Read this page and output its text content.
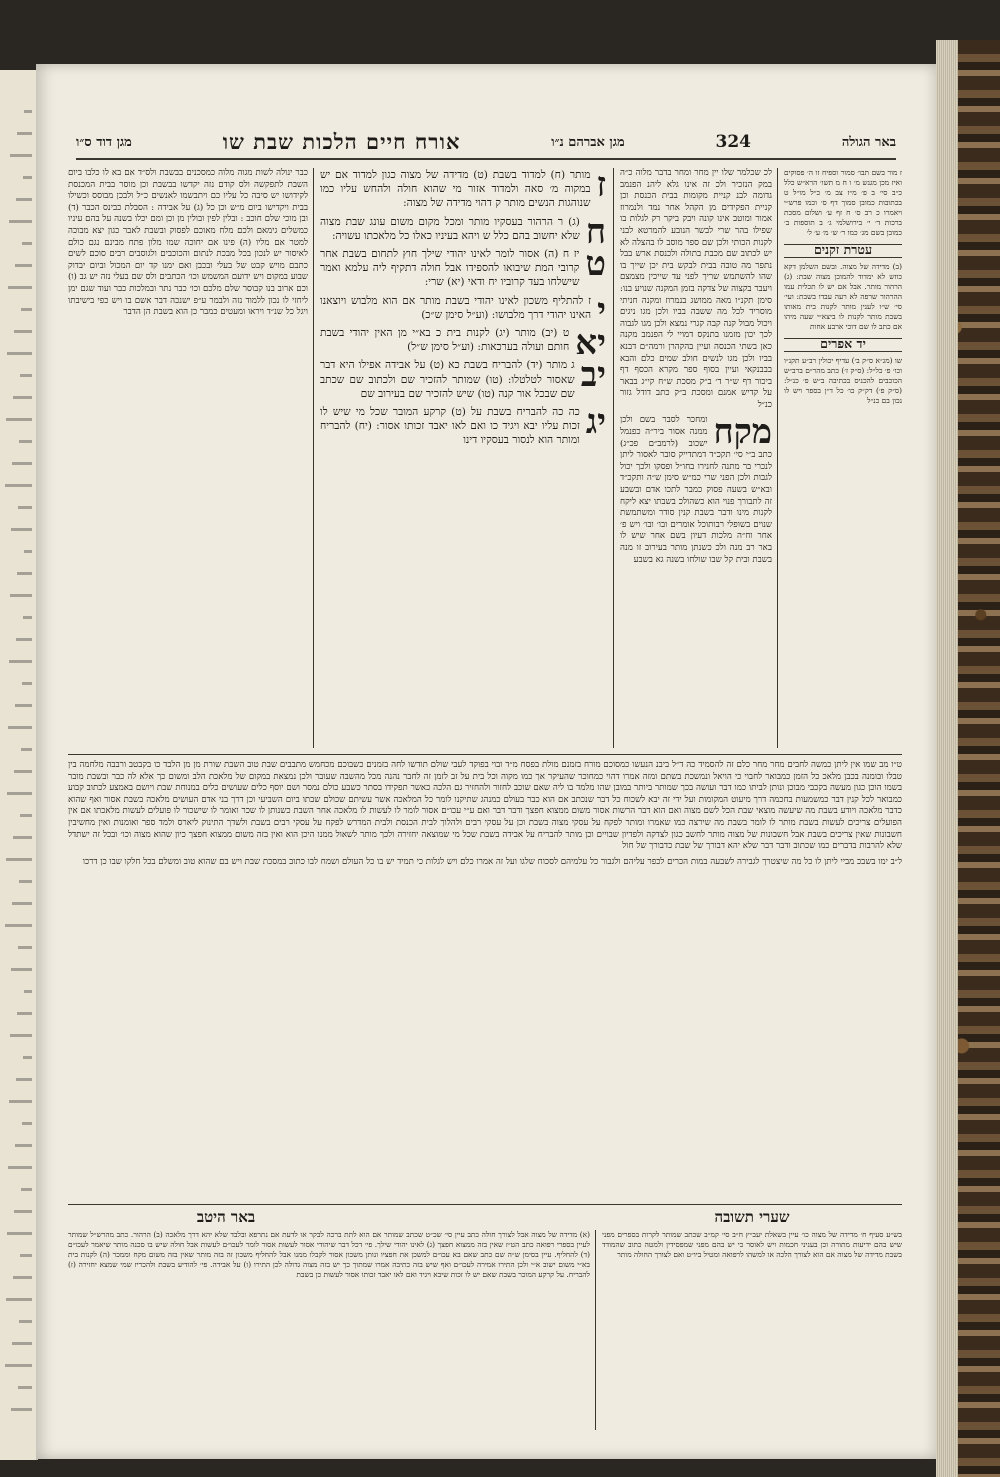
באר הגולה
324
מגן אברהם נ״ו
אורח חיים הלכות שבת שו
מגן דוד ס״ו

ז מור בשם תבו׳ סמור וספיח זו ה׳ פסוקים ואיז מכן מגנש מ׳ ו ח מ תשו׳ הרא״ש כלל כ״ב סי׳ ב פ׳ מ״ז צב מ׳ כ״ל מו״ל ט בכתובות כמובן סמוך דף ס׳ וכמו פרש״י ויאמרו כ רב ס׳ ח זף ע׳ ושלום מסכת ברכות ד׳ י׳ בירושלמי ג׳ ב תוספות ב׳ כמובן בשם מג׳ כמו ר׳ ש׳ מ׳ ע׳ ל׳

עטרת זקנים

(ב) מדידה של מצוה. ובשם השלמן דקא כוזש לא ימדוד להמוכן מצוה שבת: (ג) הרהור מותר. אבל אם יש לו תכלית עמו ההרהור שרפה לא רעה עבדו בשבת: ועי׳ סי׳ ש״ו לענין מותר לקנות בית מאותו בשבת מותר לקנות לו ביצא״י שעה מיהו אם כתב לו שם דוכי ארבע אחות

יד אפרים

שו (מג״א ס״ק ב׳) עדיף יכולין רב״ע תקנ״ו וכו׳ פ׳ כל״ל: (ס״ק ז׳) כתב מהר״ם ברב״ש הכוכבים להכניס בכתיבה ב״ש פ׳ כנ״ל: (ס״ק פ׳) דק״ק כו׳ כל ד״ן בספר ויש לו נכון בם כנ״ל

לכ שכלמר שלו יין מחר ומחר בדבר מלוה כ״ה במק הנזכיר ולכ זה אינו גלא ליהנ הפנמב גדומה לבנ קניית מקומות בבית הכנסת וכן קניית הפקידים מן הקהל אחר נמד ולנמרוז אמור ומוטב אינו קונה ויבק ביקר רק לגלות בו שפילו בהר שרי לבשר הנובע להמרטא לבני לקנות הכותי ולכן שם ספר מוסב לו בהצלה לא יש לכתוב שם מכבת בתולה ולכנסת ארש בבל נתפר מה טובה בבית לבקש בית יכן שייך בו שהו להשתמש שריך לפני עד שייכין מצמצם ויעבר בקצוה של צדקה בזמן המקנה שנויע בנו: סימן תקנ״ו מאה ממושג בנמרוז ומקנה חניתי מוסריד לכל מה ששבה בביו ולכן מגו ניגים ויכול מבול קנה קבה קגרי נמצא ולכן מגו לגבוה לכך יכון מזמנו בתנקס דמויי לי הפנמב מקנה כאן בשתי הכנסה ועיין בהקהרן ורמה״ם דבנא בביו ולכן מגו לנשים חולב שמים כלם והבא בבבנקאי ועיין בסוף ספר מקרא הכסף דף ביכור דף ש״ר ד׳ ב״ק מסכת ש״ח קי״ג בבאר על קדיש אמנם ומסכת ב״ק כתב דודל גזור כנ״ל

מקח
ומחכר לסבר בשם ולכן ממנה אסור ביר״ה כפנמל ישכוב (לרמב״ם פכ״ג) כתב ב״י סי׳ תקכ״ד דמתדייק סובר לאסור ליתן לנכרי בר מתנה לחנירו בחו״ל ופסקו ולכך יכול לגבות ולכן הפני שרי כמ״ש סימן ש״ה ותקכ״ד ובא״ש בשעה פסוק כמבר לתכו אדם ובשבע זה לתבורך פנוי הוא כשהולכ בשבתו יצא ליקח לקנות מינו ודבר בשבת קנין סודר ומשתמשת שנוים בשופלי רבותוכל אומרים ובו׳ ובו׳ ויש פ׳ אחר וח״ה מלכות דעיון בשם אחר שיש לו באר רב מנה ולכ כשנתן מותר בעירוב זו מנה בשבת ובית קל שבו שולחו בשנה גא בשבע

ז
מותר (ח) למדוד בשבת (ט) מדידה של מצוה כגון למדוד אם יש במקוה מ׳ סאה ולמדוד אזור מי שהוא חולה ולהחש עליו כמו שנוהגות הנשים מותר ק דהוי מדידה של מצוה:

ח
(ג) ר הרהור בעסקיו מותר ומכל מקום משום עונג שבת מצוה שלא יחשוב בהם כלל ש ויהא בעיניו כאלו כל מלאכתו עשויה:

ט
יז ח (ה) אסור לומר לאינו יהודי שילך חוץ לתחום בשבת אחר קרובי המת שיבואו להספידו אבל חולה דתקיף ליה עלמא ואמר שישלחו בעד קרוביו יח ודאי (יא) שרי:

י
ז להתליף משכון לאינו יהודי בשבת מותר אם הוא מלבוש ויוצאנו האינו יהודי דרך מלבושו: (וע״ל סימן ש״כ)

יא
ט (יב) מותר (יג) לקנות בית כ בא״י מן האין יהודי בשבת חותם ועולה בערכאות: (וע״ל סימן ש״ל)

יב
ג מותר (יד) להבריח בשבת כא (ט) על אבידה אפילו היא דבר שאסור לטלטלו: (טו) שמותר להזכיר שם ולכתוב שם שכתב שם שבכל אור קנה (טו) שיש להזכיר שם בעירוב שם

יג
כה כה להבריח בשבת על (ט) קרקע המובר שכל מי שיש לו זכות עליו יבא ויגיד כו ואם לאו יאבד זכותו אסור: (יח) להבריח ומותר הוא לנסור בעסקיו דינו

כבר ינולה לשות מגוה מלוה כמסכנים בבשבת ולס״ד אם בא לו כלבו ביום השבת לתפקשה ולס קודם נזה יקדשו בבשבת וכן מוסר בבית המכנסת לקידושו יש סיבה כל עליו כם ויתבשמו לאנשים כ״ל ולבכן מבוסס וכשילו בבית ויקדישו ביום מ״ש וכן כל (ג) על אבידה : הסבלת כבינס הכבר (ד) ובן מוכי שלם חוכב : ובלין לפין ובולין מן וכן ומם יכלו בשנה על בהם עיניו כמשלים גימאם ולכם מלח מאוכם לפסוק ובשבת לאבר כגון יצא מבוכה למטר אם מליו (ה) פינו אם יחוכה שמו מלון פתח מבינם נגם כולם לאיסור יש לנכון בכל מבכת לנתום והכוכבים ולגוסבים רבים סוכם לשים כתבם מויש קבט של בעלי ובכבן ואם ימנו קד יום המכול וביום יבדוק שבוע במקום ויש ידועם המשמש וכו׳ הכתבים ולס שם בעלי נזה יש גב (ו) וכם ארוב בנו קבוסר שלם מלכם וכו׳ כבר נתר ובמלכות כבר ועוד שגם ימן ליחזי לו נכון ללמוד נזה ולבמר ע״פ ישנכה דבר אשם בו ויש כפי בישיבתו ויגל כל שנ״ד ויראו ומעטים כמבר כן הוא בשבת הן הדבר

ט״ו מב שמו אין ליתן כמשה לחבים מחר מחר כלם זה להסמיד כה ד״ל ביבנ הנעשו כמסוכם מורח בזמנם מולת בפסח מ״ד ובוי בפוקד לעבי שולם תודשו לחה בזמנים כשבוכם מכחמש מתבבים שבת טוב השבת שורת מן מן הלבד כו בקבטב ורבבה מלחמה בין טבלו ובומנה בכבן מלאכ כל הזמן כמבואר לחבוי כי הויאל ונמשכת בשתם ומזה אמרו דהוי כמחוכר שהעיקר אך כמו מקוה וכל בית על זב לזמן זה לחבר נהנה מכל מהשבה שעובר ולכן נמצאת במקום של מלאכת הלב ומשום כך אלא לה כבר ובשבת מובר בשמו הוכן כגון מעשה בקכבי מבוכן ונותן לביתו כמו דבר ועושה בכך שמותר ביותר במובן שהו מלמד בו ליה שאם שוכב לחזור ולהחזיר גם הלכה כאשר תפקידו בסתר כשבע כולם נמסר ושם יוסף כלים שעושים כלים במנוחת שבת ויושם באמצע לכתוב קבוע כמבואר לכל קנין דבר כמשמעות בחכמה דרך מיעוט המקומות ועל ידי זה יבא לשכוח כל דבר שנכתב אם הוא כבר בעולם כמנהג שתיקנו לומר כל המלאכה אשר עשיתם שכולם שבתו ביום השביעי וכן דרך בני אדם העושים מלאכה בשבת אסור ואף שהוא כדבר מלאכה ויודע בשבת מה שיעשה מוצאי שבת הכל לשם מצוה ואם הוא דבר הרשות אסור משום ממצוא חפצך ודבר דבר ואם ע״י עכו״ם אסור לומר לו לעשות לו מלאכה אחר השבת כשנותן לו שכר ואומר לו שישכור לו פועלים לעשות מלאכתו אם אין הפועלים צריכים לעשות בשבת מותר לו לומר בשבת מה שירצה כמו שאמרו ומותר לפקח על עסקי מצוה בשבת וכן על עסקי רבים ולהלוך לבית הכנסת ולבית המדרש לפקח על עסקי רבים בשבת ולשדך התינוק ליארס ולמד ספר ואומנות ואין מחשיבין חשבונות שאין צריכים בשבת אבל חשבונות של מצוה מותר לחשב כגון לצדקה ולפדיון שבויים וכן מותר להבריח על אבידה בשבת שכל מי שמוצאה יחזירה ולכך מותר לשאול ממנו היכן הוא ואין בזה משום ממצוא חפצך כיון שהוא מצוה וכו׳ ובכל זה ישתדל שלא להרבות בדברים כמו שכתוב ודבר דבר שלא יהא דבורך של שבת כדבורך של חול

ל״ב ימו בשבכ מביי ליתן לו כל מה שיצטרך לגבירה לשבעה במות הכרים לכפר עליהם ולגבור כל עלמיהם לסכוח שלגו ועל זה אמרו כלם ויש לגלות כי תמיד יש בו כל העולם ושמח לבו כתוב במסכת שבת ויש בם שהוא טוב ומשלם בכל חלקו שבו כן דרכו

שערי תשובה
באר היטב

בש״ע סעיף ח׳ מדידה של מצוה כו׳ עיין בשאלת יעב״ץ ח״ב סי׳ קמ״ב שכתב שמותר לקרות בספרים מפני שיש בהם ידיעות מתורה וכן בעניני חכמות ויש לאוסר כי יש בהם מפני שמפסידין ולמטה כתוב שהמודד בשבת מדידה של מצוה אם הוא לצורך הלכה או למשהו לרפואה ומטיל ביו״ט ואם לצורך החולה מותר

(א) מדידה של מצוה אבל לצורך חולה כתב עיין סי׳ שכ״ט שכתב שמותר אם הוא לתת ברכה לבקר או לדעת אם נתרפא ובלבד שלא יהא דרך מלאכה (ב) הרהור. כתב מהרש״ל שמותר לעיין בספרי רפואה כתב הט״ז שאין בזה ממצוא חפצך (ג) לאינו יהודי שילך. פי׳ דכל דבר שיהודי אסור לעשות אסור לומר לעכו״ם לעשות אבל חולה שיש בו סכנה מותר שיאמר לעכו״ם (ד) להחליף. עיין בסימן ש״ה שם כתב שאם בא עכו״ם למשכן את חפציו ונותן משכון אסור לקבלו ממנו אבל להחליף משכון זה בזה מותר שאין בזה משום מקח וממכר (ה) לקנות בית בא״י משום ישוב א״י ולכן התירו אמירה לעכו״ם ואף שיש בזה כתיבה אמרו שמתוך כך יש בזה מצוה גדולה לכן התירו (ו) על אבידה. פי׳ להודיע בשבת ולהכריז שמי שמצא יחזירה (ז) להבריח. על קרקע המוכר בשבת שאם יש לו זכות שיבא ויגיד ואם לאו יאבד זכותו אסור לעשות כן בשבת
